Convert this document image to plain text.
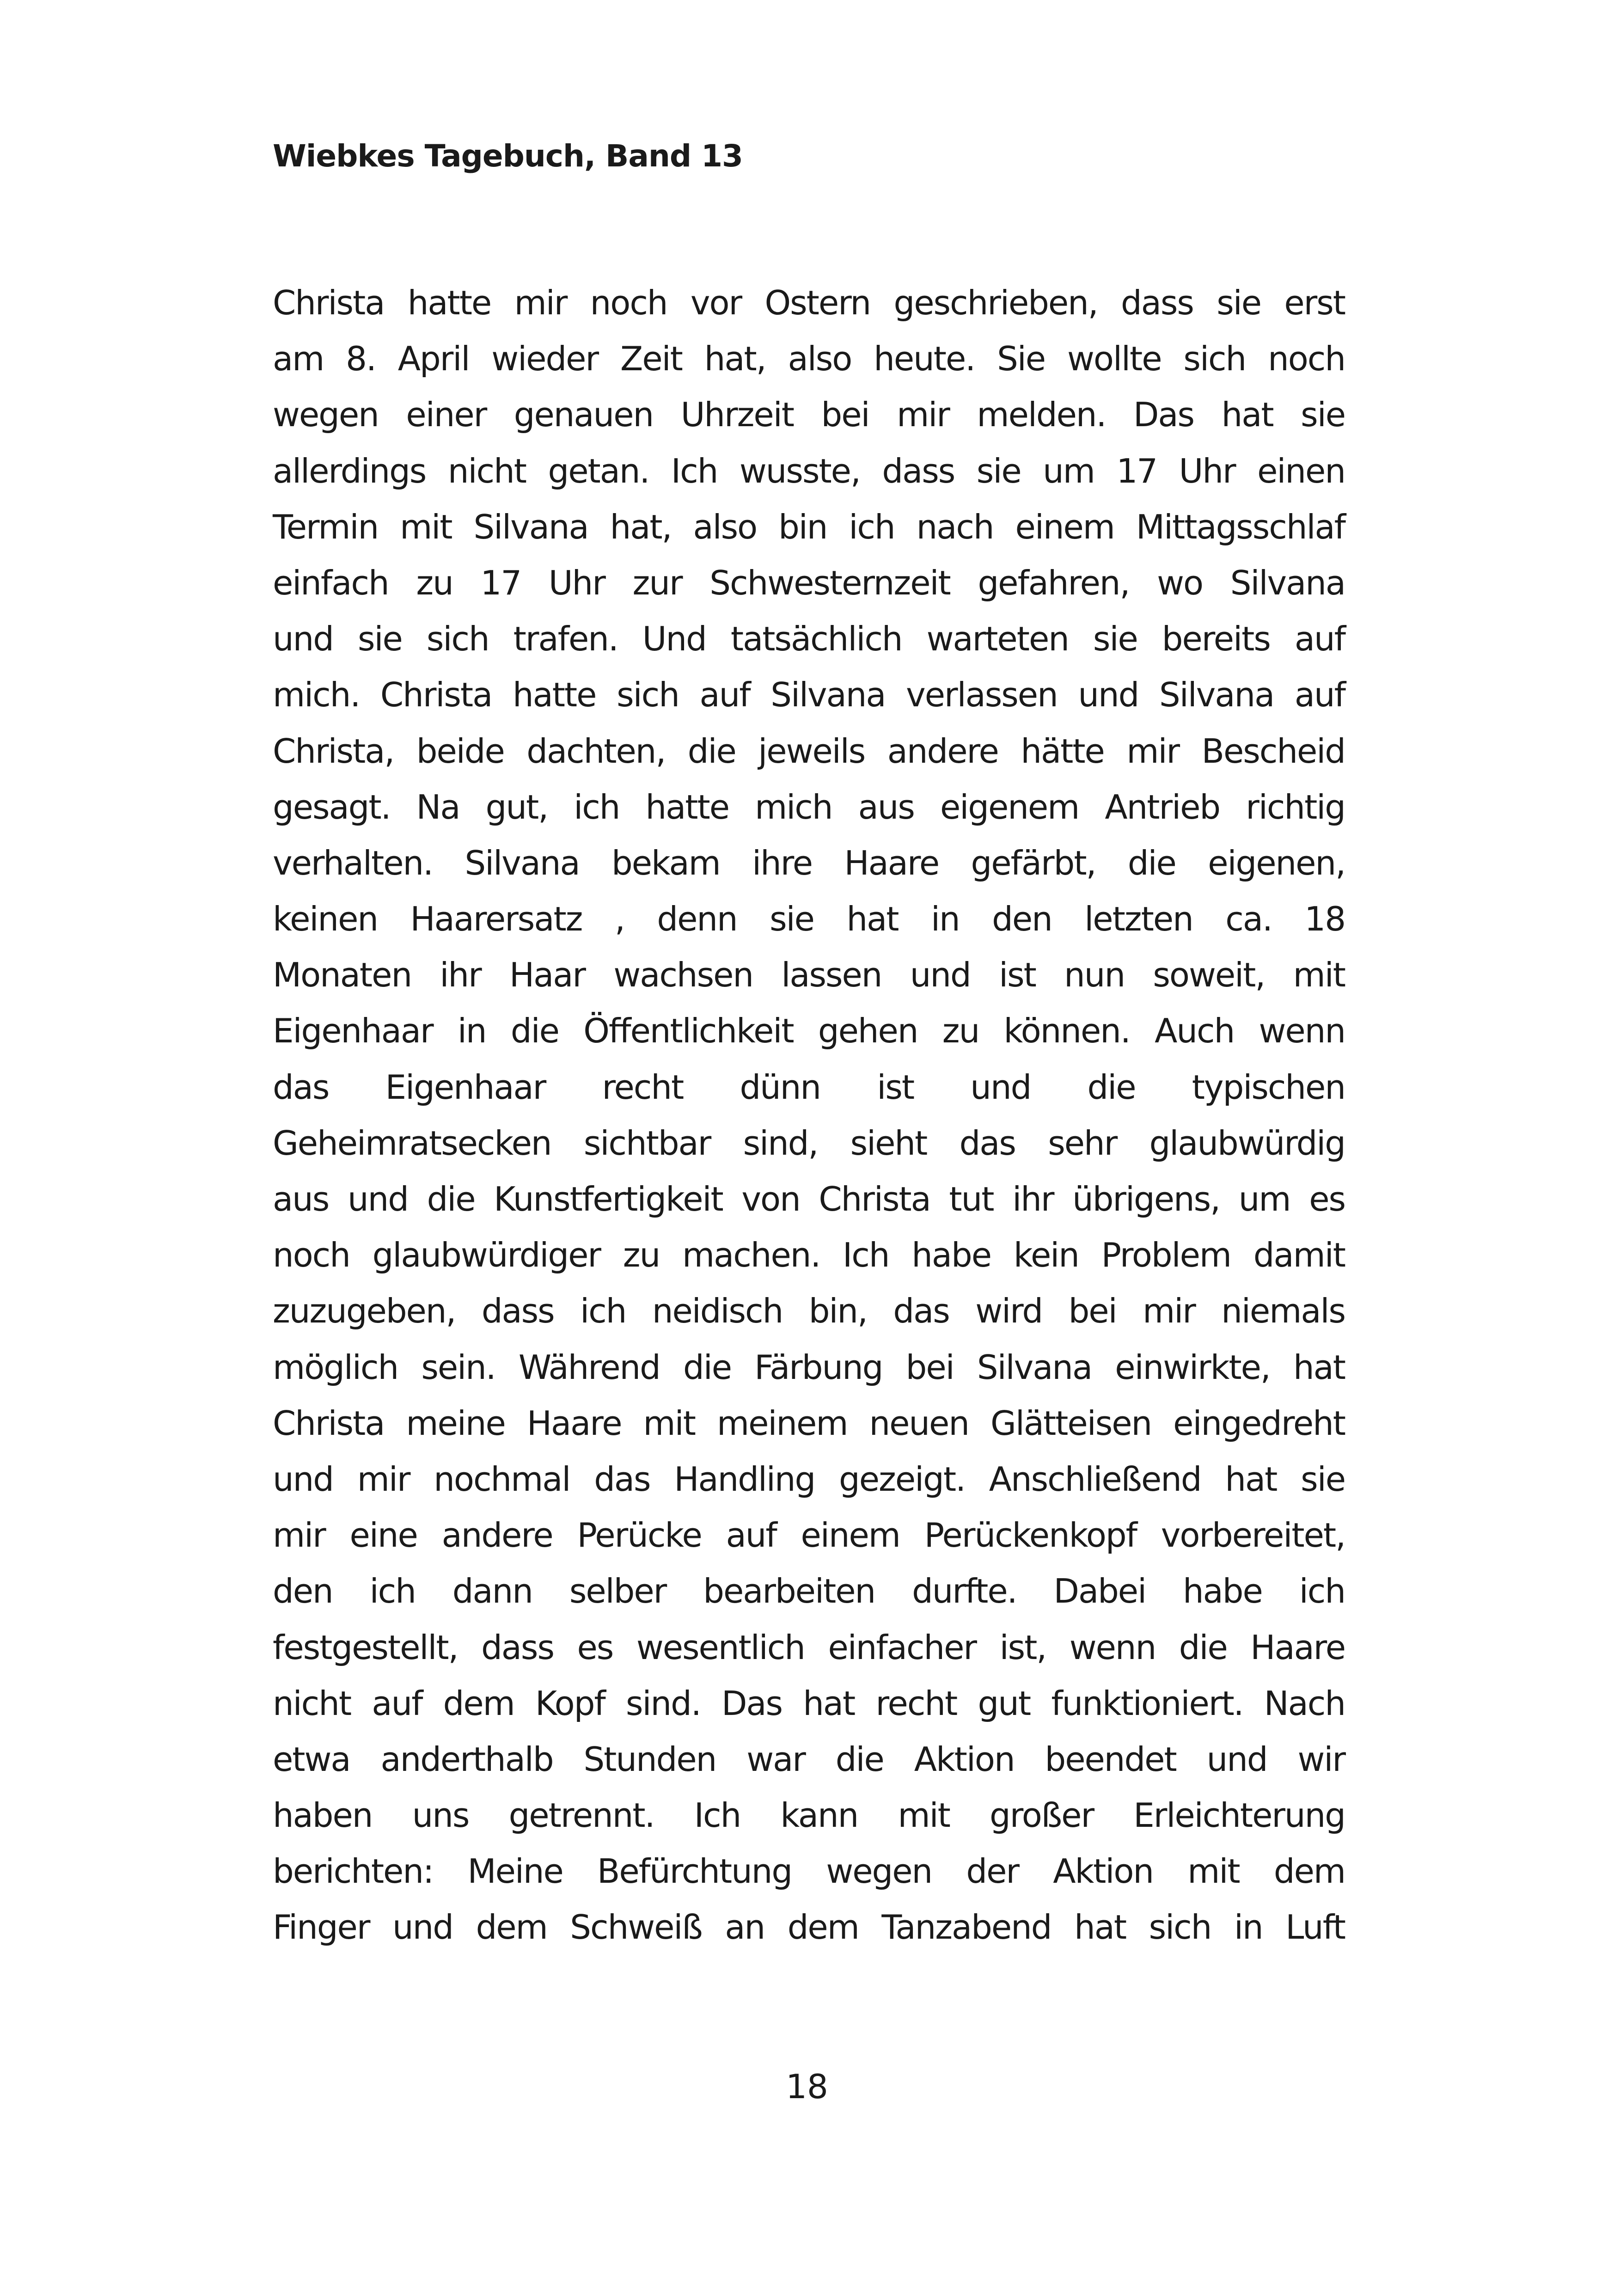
Wiebkes Tagebuch, Band 13
Christa hatte mir noch vor Ostern geschrieben, dass sie erst
am 8. April wieder Zeit hat, also heute. Sie wollte sich noch
wegen einer genauen Uhrzeit bei mir melden. Das hat sie
allerdings nicht getan. Ich wusste, dass sie um 17 Uhr einen
Termin mit Silvana hat, also bin ich nach einem Mittagsschlaf
einfach zu 17 Uhr zur Schwesternzeit gefahren, wo Silvana
und sie sich trafen. Und tatsächlich warteten sie bereits auf
mich. Christa hatte sich auf Silvana verlassen und Silvana auf
Christa, beide dachten, die jeweils andere hätte mir Bescheid
gesagt. Na gut, ich hatte mich aus eigenem Antrieb richtig
verhalten. Silvana bekam ihre Haare gefärbt, die eigenen,
keinen Haarersatz , denn sie hat in den letzten ca. 18
Monaten ihr Haar wachsen lassen und ist nun soweit, mit
Eigenhaar in die Öffentlichkeit gehen zu können. Auch wenn
das Eigenhaar recht dünn ist und die typischen
Geheimratsecken sichtbar sind, sieht das sehr glaubwürdig
aus und die Kunstfertigkeit von Christa tut ihr übrigens, um es
noch glaubwürdiger zu machen. Ich habe kein Problem damit
zuzugeben, dass ich neidisch bin, das wird bei mir niemals
möglich sein. Während die Färbung bei Silvana einwirkte, hat
Christa meine Haare mit meinem neuen Glätteisen eingedreht
und mir nochmal das Handling gezeigt. Anschließend hat sie
mir eine andere Perücke auf einem Perückenkopf vorbereitet,
den ich dann selber bearbeiten durfte. Dabei habe ich
festgestellt, dass es wesentlich einfacher ist, wenn die Haare
nicht auf dem Kopf sind. Das hat recht gut funktioniert. Nach
etwa anderthalb Stunden war die Aktion beendet und wir
haben uns getrennt. Ich kann mit großer Erleichterung
berichten: Meine Befürchtung wegen der Aktion mit dem
Finger und dem Schweiß an dem Tanzabend hat sich in Luft
18
